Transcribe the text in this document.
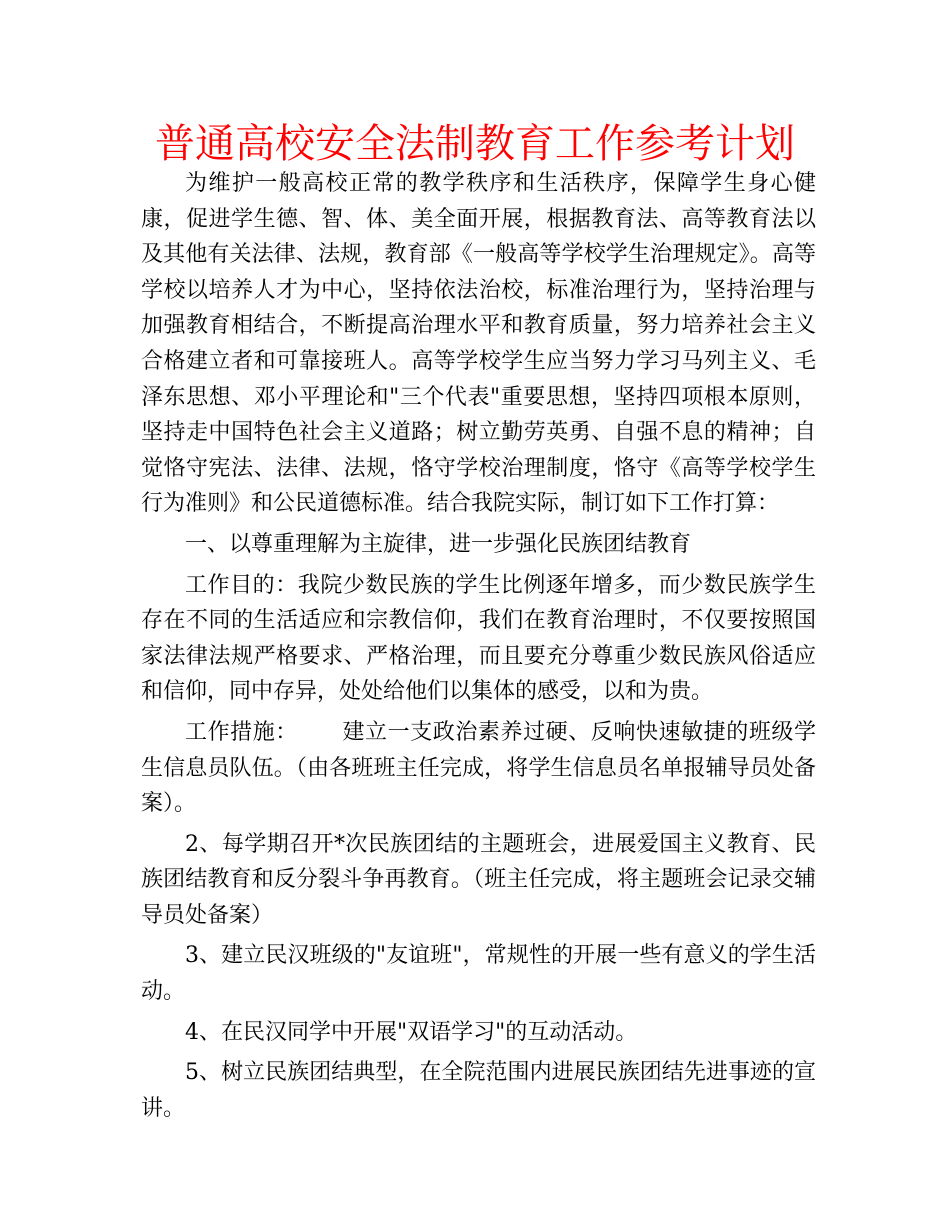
普通高校安全法制教育工作参考计划

为维护一般高校正常的教学秩序和生活秩序，保障学生身心健康，促进学生德、智、体、美全面开展，根据教育法、高等教育法以及其他有关法律、法规，教育部《一般高等学校学生治理规定》。高等学校以培养人才为中心，坚持依法治校，标准治理行为，坚持治理与加强教育相结合，不断提高治理水平和教育质量，努力培养社会主义合格建立者和可靠接班人。高等学校学生应当努力学习马列主义、毛泽东思想、邓小平理论和"三个代表"重要思想，坚持四项根本原则，坚持走中国特色社会主义道路；树立勤劳英勇、自强不息的精神；自觉恪守宪法、法律、法规，恪守学校治理制度，恪守《高等学校学生行为准则》和公民道德标准。结合我院实际，制订如下工作打算：

一、以尊重理解为主旋律，进一步强化民族团结教育

工作目的：我院少数民族的学生比例逐年增多，而少数民族学生存在不同的生活适应和宗教信仰，我们在教育治理时，不仅要按照国家法律法规严格要求、严格治理，而且要充分尊重少数民族风俗适应和信仰，同中存异，处处给他们以集体的感受，以和为贵。

工作措施： 建立一支政治素养过硬、反响快速敏捷的班级学生信息员队伍。（由各班班主任完成，将学生信息员名单报辅导员处备案）。

2、每学期召开*次民族团结的主题班会，进展爱国主义教育、民族团结教育和反分裂斗争再教育。（班主任完成，将主题班会记录交辅导员处备案）

3、建立民汉班级的"友谊班"，常规性的开展一些有意义的学生活动。

4、在民汉同学中开展"双语学习"的互动活动。

5、树立民族团结典型，在全院范围内进展民族团结先进事迹的宣讲。
